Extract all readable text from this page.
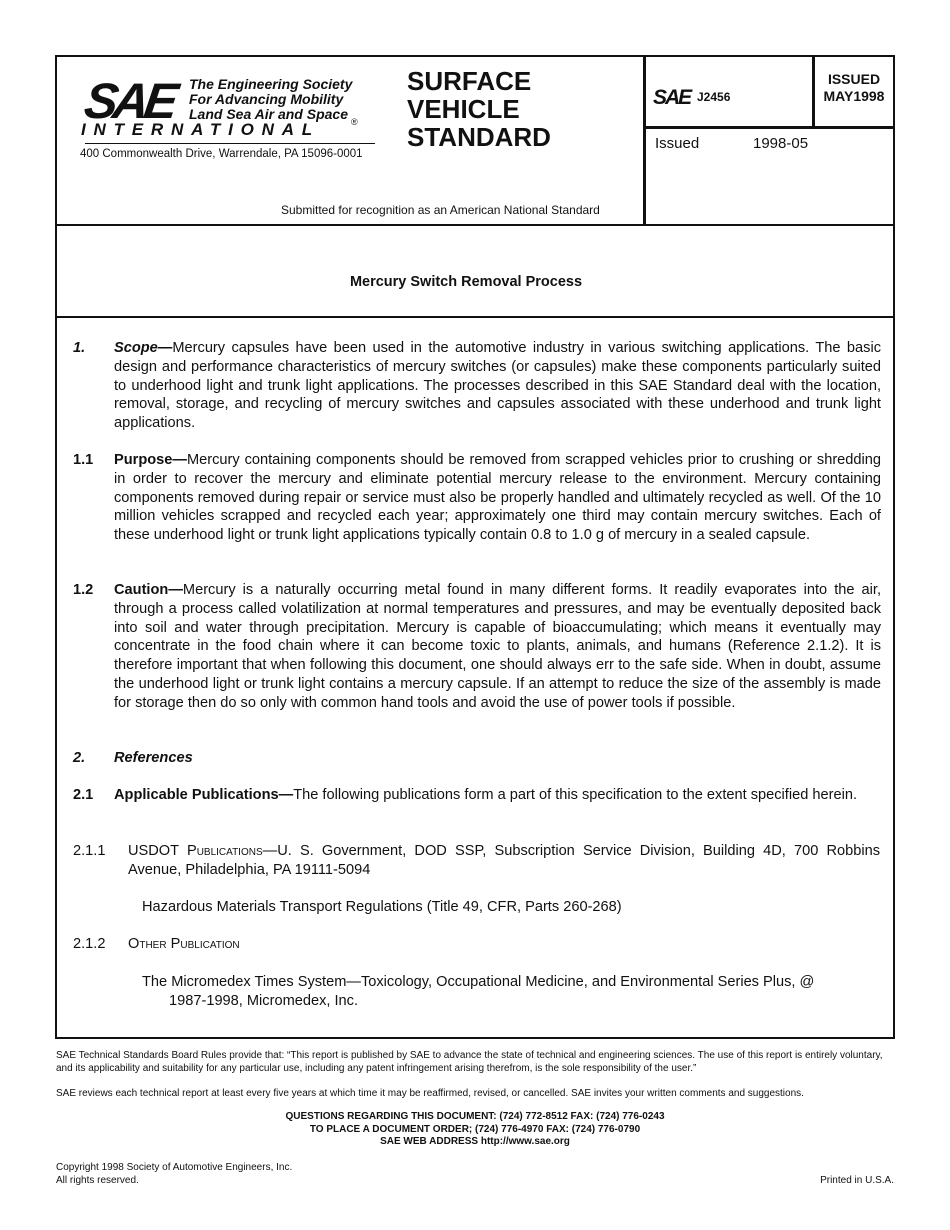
SAE The Engineering Society
For Advancing Mobility
Land Sea Air and Space ®
INTERNATIONAL
400 Commonwealth Drive, Warrendale, PA 15096-0001
SURFACE
VEHICLE
STANDARD
SAE J2456
ISSUED
MAY1998
Issued	1998-05
Submitted for recognition as an American National Standard
Mercury Switch Removal Process
1. Scope—Mercury capsules have been used in the automotive industry in various switching applications. The basic design and performance characteristics of mercury switches (or capsules) make these components particularly suited to underhood light and trunk light applications. The processes described in this SAE Standard deal with the location, removal, storage, and recycling of mercury switches and capsules associated with these underhood and trunk light applications.
1.1 Purpose—Mercury containing components should be removed from scrapped vehicles prior to crushing or shredding in order to recover the mercury and eliminate potential mercury release to the environment. Mercury containing components removed during repair or service must also be properly handled and ultimately recycled as well. Of the 10 million vehicles scrapped and recycled each year; approximately one third may contain mercury switches. Each of these underhood light or trunk light applications typically contain 0.8 to 1.0 g of mercury in a sealed capsule.
1.2 Caution—Mercury is a naturally occurring metal found in many different forms. It readily evaporates into the air, through a process called volatilization at normal temperatures and pressures, and may be eventually deposited back into soil and water through precipitation. Mercury is capable of bioaccumulating; which means it eventually may concentrate in the food chain where it can become toxic to plants, animals, and humans (Reference 2.1.2). It is therefore important that when following this document, one should always err to the safe side. When in doubt, assume the underhood light or trunk light contains a mercury capsule. If an attempt to reduce the size of the assembly is made for storage then do so only with common hand tools and avoid the use of power tools if possible.
2. References
2.1 Applicable Publications—The following publications form a part of this specification to the extent specified herein.
2.1.1 USDOT Publications—U. S. Government, DOD SSP, Subscription Service Division, Building 4D, 700 Robbins Avenue, Philadelphia, PA 19111-5094
Hazardous Materials Transport Regulations (Title 49, CFR, Parts 260-268)
2.1.2 Other Publication
The Micromedex Times System—Toxicology, Occupational Medicine, and Environmental Series Plus, @
1987-1998, Micromedex, Inc.
SAE Technical Standards Board Rules provide that: “This report is published by SAE to advance the state of technical and engineering sciences. The use of this report is entirely voluntary, and its applicability and suitability for any particular use, including any patent infringement arising therefrom, is the sole responsibility of the user.”
SAE reviews each technical report at least every five years at which time it may be reaffirmed, revised, or cancelled. SAE invites your written comments and suggestions.
QUESTIONS REGARDING THIS DOCUMENT: (724) 772-8512 FAX: (724) 776-0243
TO PLACE A DOCUMENT ORDER; (724) 776-4970 FAX: (724) 776-0790
SAE WEB ADDRESS http://www.sae.org
Copyright 1998 Society of Automotive Engineers, Inc.
All rights reserved.	Printed in U.S.A.
